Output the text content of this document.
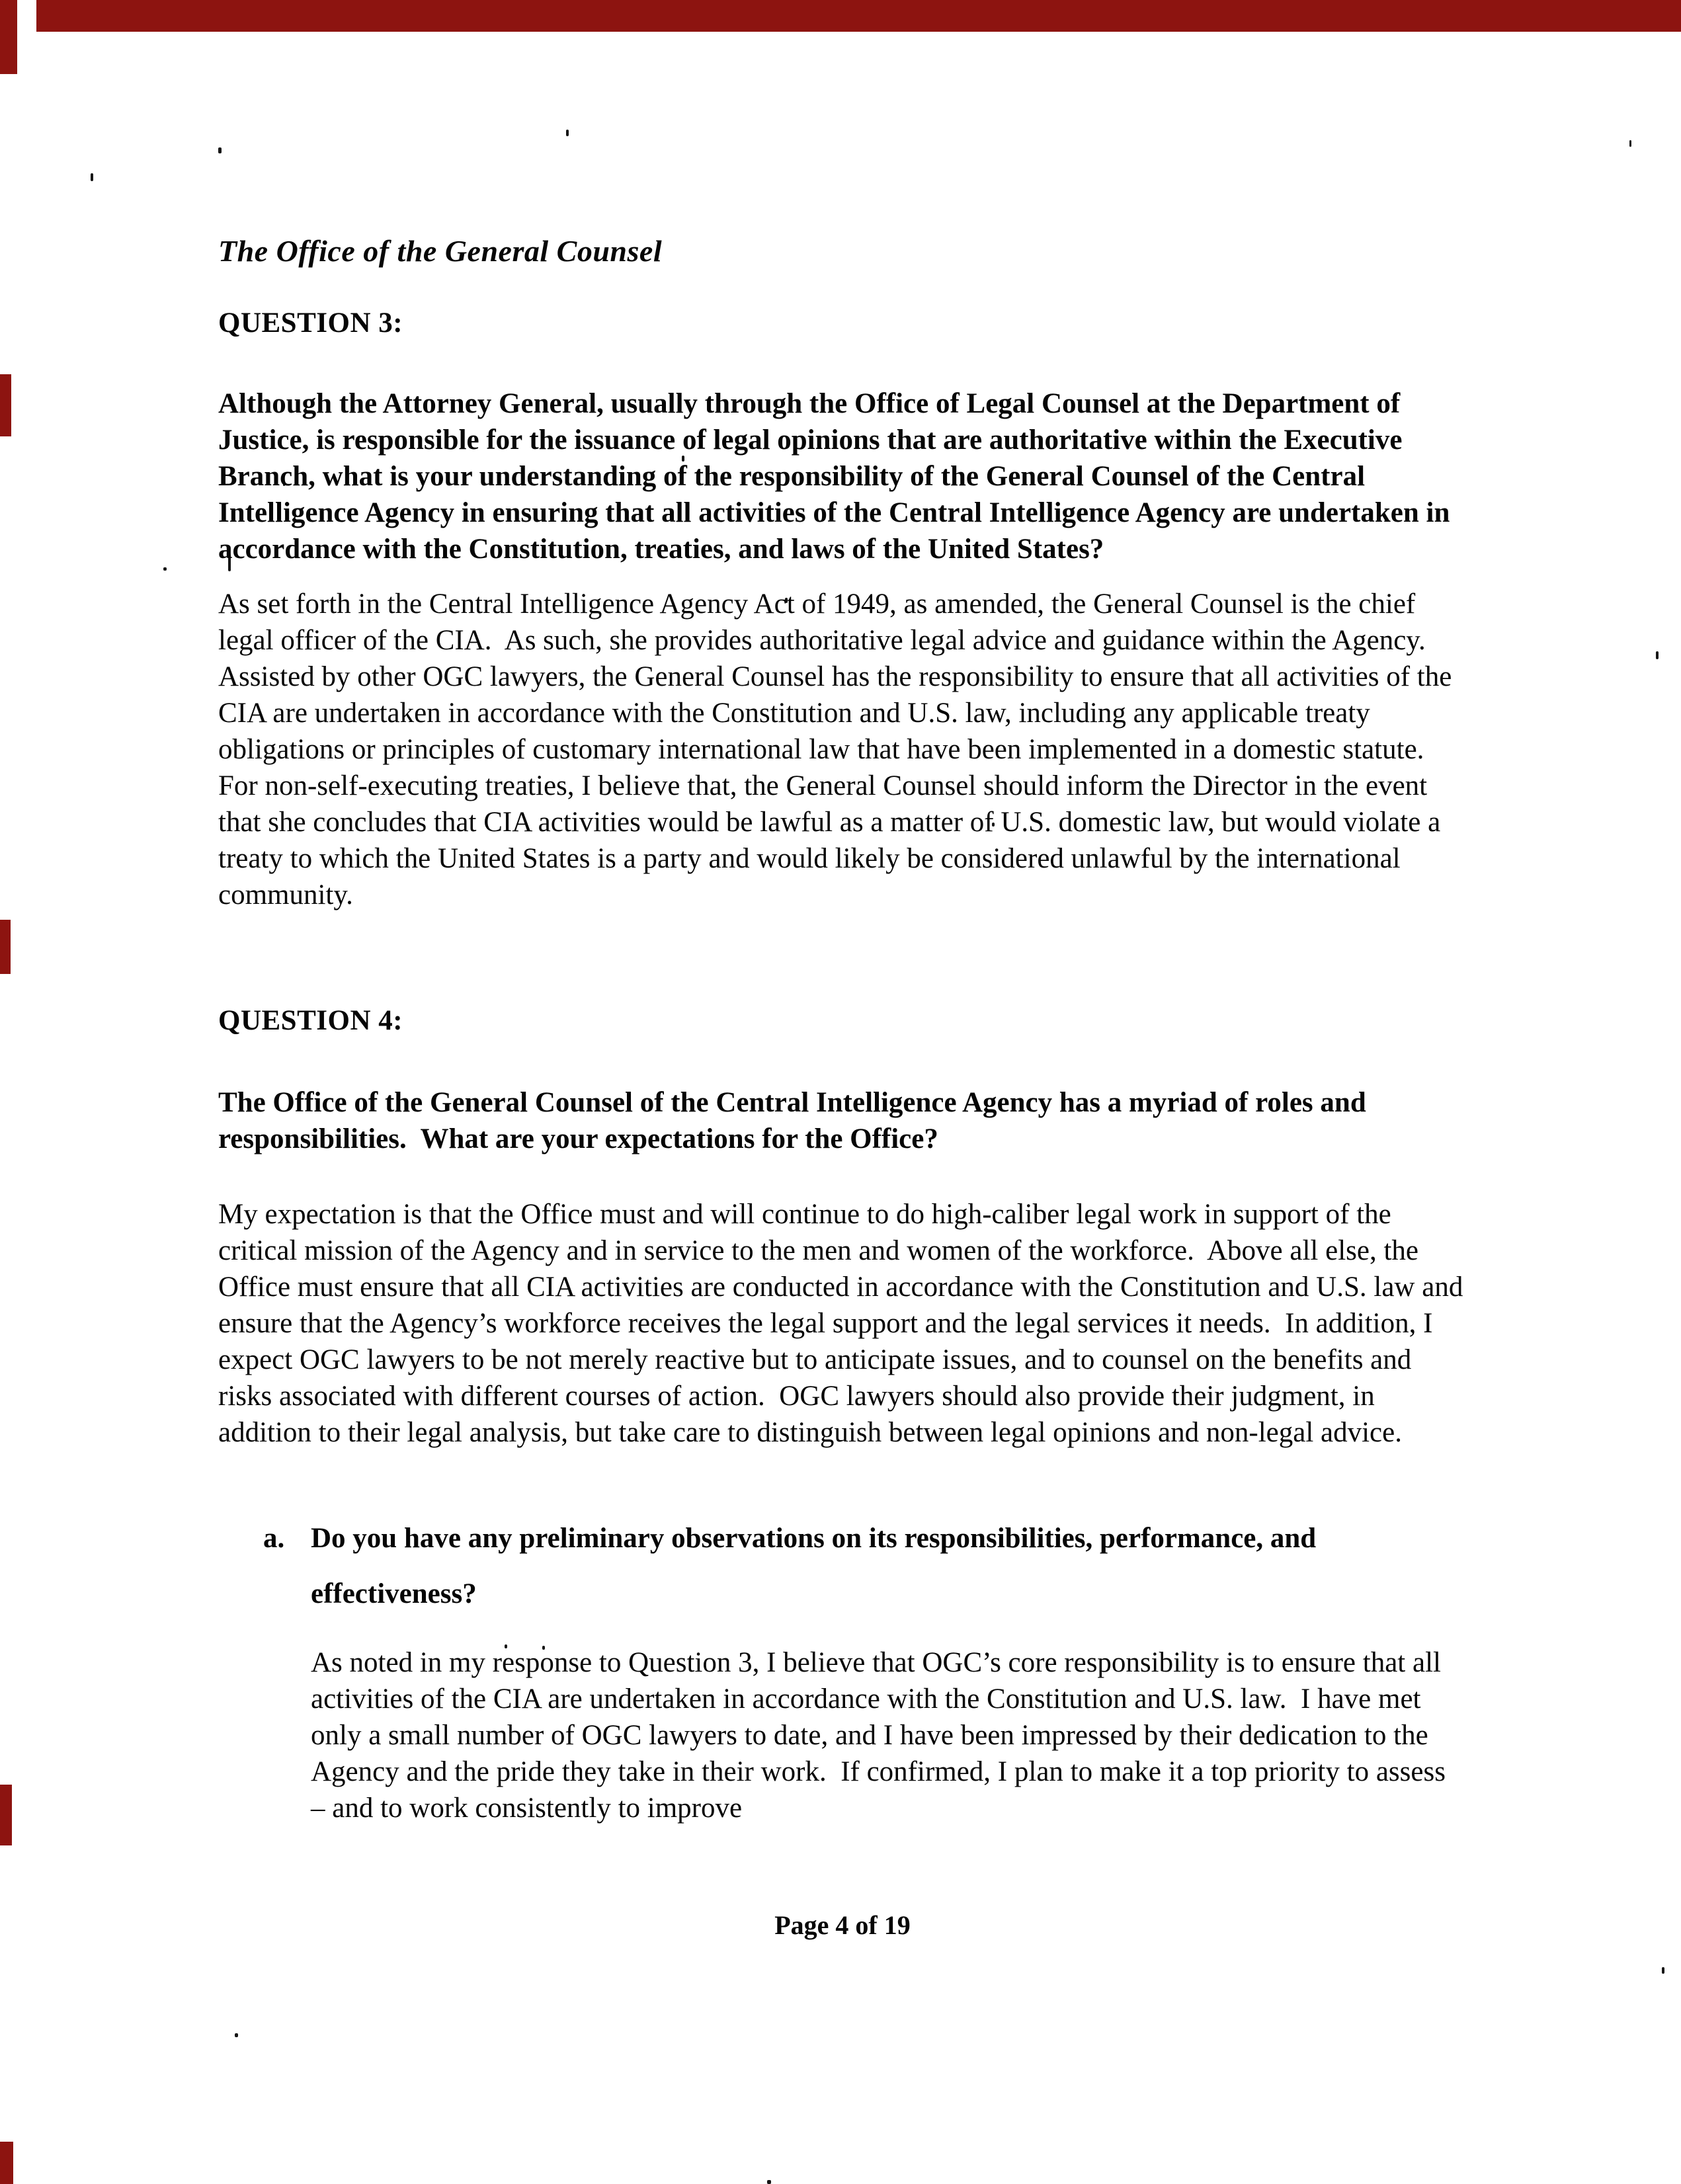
The Office of the General Counsel

QUESTION 3:

Although the Attorney General, usually through the Office of Legal Counsel at the Department of Justice, is responsible for the issuance of legal opinions that are authoritative within the Executive Branch, what is your understanding of the responsibility of the General Counsel of the Central Intelligence Agency in ensuring that all activities of the Central Intelligence Agency are undertaken in accordance with the Constitution, treaties, and laws of the United States?

As set forth in the Central Intelligence Agency Act of 1949, as amended, the General Counsel is the chief legal officer of the CIA.  As such, she provides authoritative legal advice and guidance within the Agency.  Assisted by other OGC lawyers, the General Counsel has the responsibility to ensure that all activities of the CIA are undertaken in accordance with the Constitution and U.S. law, including any applicable treaty obligations or principles of customary international law that have been implemented in a domestic statute.  For non-self-executing treaties, I believe that, the General Counsel should inform the Director in the event that she concludes that CIA activities would be lawful as a matter of U.S. domestic law, but would violate a treaty to which the United States is a party and would likely be considered unlawful by the international community.

QUESTION 4:

The Office of the General Counsel of the Central Intelligence Agency has a myriad of roles and responsibilities.  What are your expectations for the Office?

My expectation is that the Office must and will continue to do high-caliber legal work in support of the critical mission of the Agency and in service to the men and women of the workforce.  Above all else, the Office must ensure that all CIA activities are conducted in accordance with the Constitution and U.S. law and ensure that the Agency’s workforce receives the legal support and the legal services it needs.  In addition, I expect OGC lawyers to be not merely reactive but to anticipate issues, and to counsel on the benefits and risks associated with different courses of action.  OGC lawyers should also provide their judgment, in addition to their legal analysis, but take care to distinguish between legal opinions and non-legal advice.

a. Do you have any preliminary observations on its responsibilities, performance, and effectiveness?

As noted in my response to Question 3, I believe that OGC’s core responsibility is to ensure that all activities of the CIA are undertaken in accordance with the Constitution and U.S. law.  I have met only a small number of OGC lawyers to date, and I have been impressed by their dedication to the Agency and the pride they take in their work.  If confirmed, I plan to make it a top priority to assess – and to work consistently to improve

Page 4 of 19
